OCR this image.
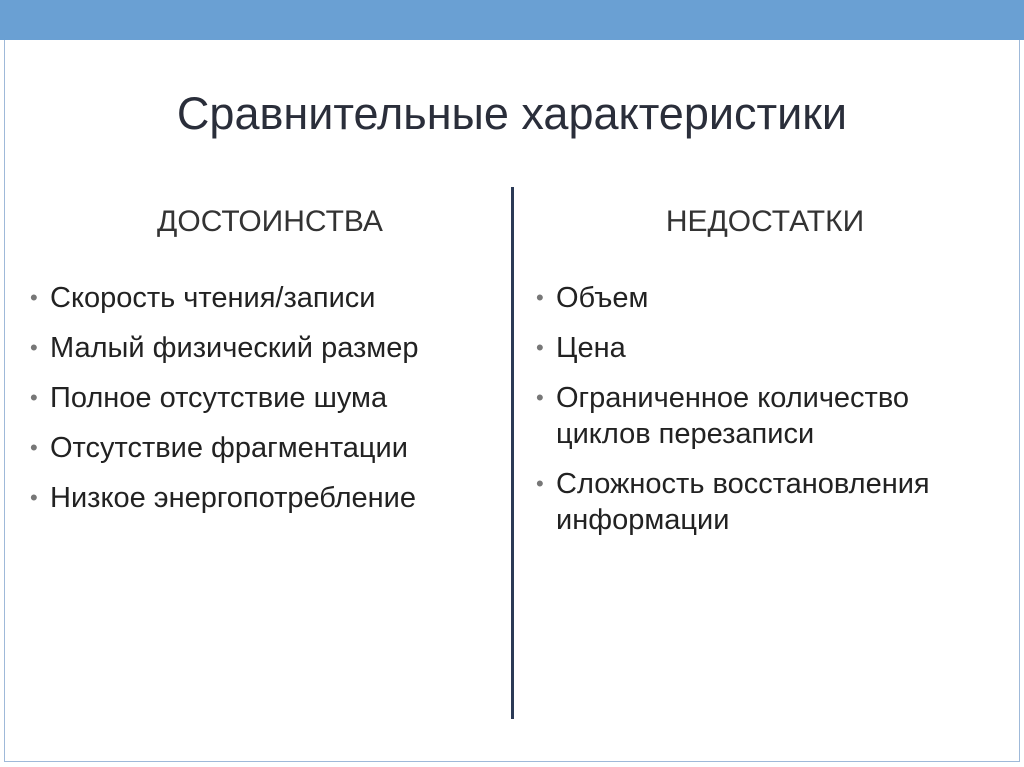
Сравнительные характеристики
ДОСТОИНСТВА	НЕДОСТАТКИ
• Скорость чтения/записи
• Малый физический размер
• Полное отсутствие шума
• Отсутствие фрагментации
• Низкое энергопотребление
• Объем
• Цена
• Ограниченное количество циклов перезаписи
• Сложность восстановления информации
